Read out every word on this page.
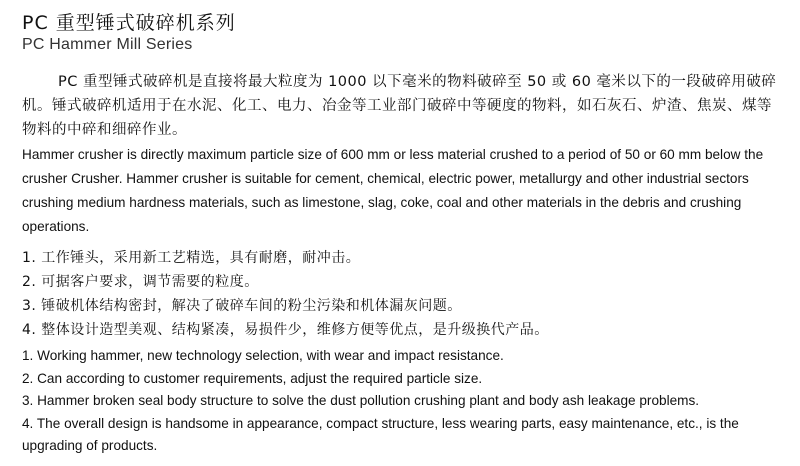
PC 重型锤式破碎机系列
PC Hammer Mill Series

PC 重型锤式破碎机是直接将最大粒度为 1000 以下毫米的物料破碎至 50 或 60 毫米以下的一段破碎用破碎机。锤式破碎机适用于在水泥、化工、电力、冶金等工业部门破碎中等硬度的物料，如石灰石、炉渣、焦炭、煤等物料的中碎和细碎作业。

Hammer crusher is directly maximum particle size of 600 mm or less material crushed to a period of 50 or 60 mm below the crusher Crusher. Hammer crusher is suitable for cement, chemical, electric power, metallurgy and other industrial sectors crushing medium hardness materials, such as limestone, slag, coke, coal and other materials in the debris and crushing operations.

1. 工作锤头，采用新工艺精选，具有耐磨，耐冲击。
2. 可据客户要求，调节需要的粒度。
3. 锤破机体结构密封，解决了破碎车间的粉尘污染和机体漏灰问题。
4. 整体设计造型美观、结构紧凑，易损件少，维修方便等优点，是升级换代产品。
1. Working hammer, new technology selection, with wear and impact resistance.
2. Can according to customer requirements, adjust the required particle size.
3. Hammer broken seal body structure to solve the dust pollution crushing plant and body ash leakage problems.
4. The overall design is handsome in appearance, compact structure, less wearing parts, easy maintenance, etc., is the upgrading of products.
